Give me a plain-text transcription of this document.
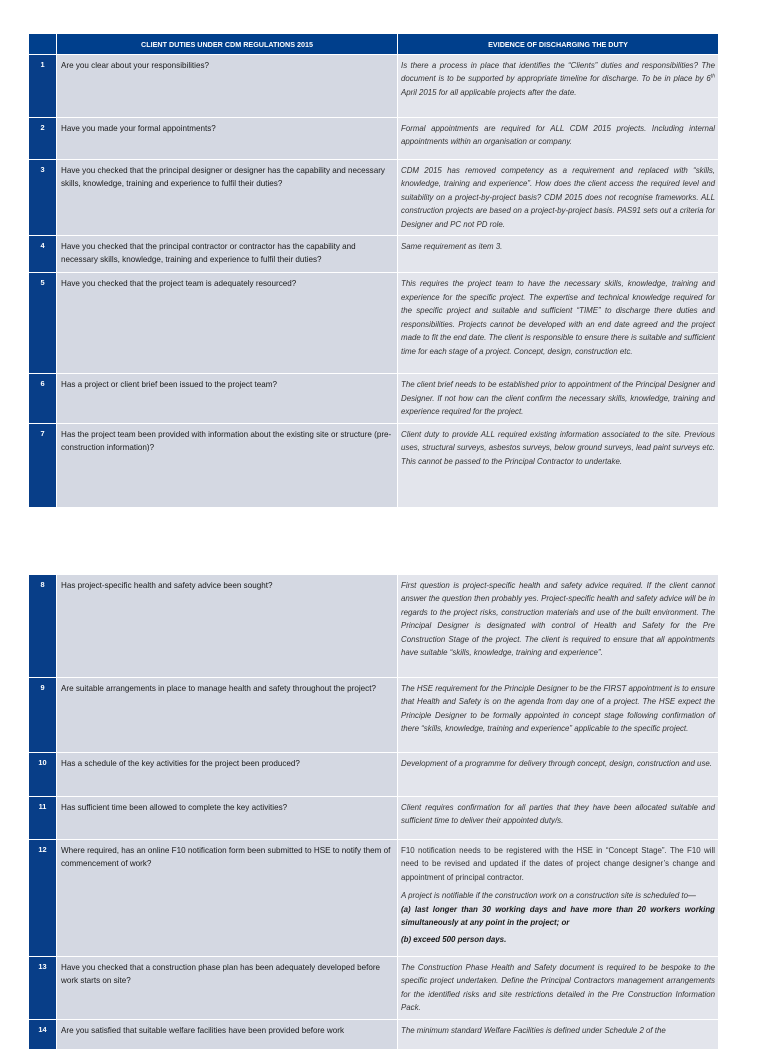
	CLIENT DUTIES UNDER CDM REGULATIONS 2015	EVIDENCE OF DISCHARGING THE DUTY
1	Are you clear about your responsibilities?	Is there a process in place that identifies the “Clients” duties and responsibilities? The document is to be supported by appropriate timeline for discharge. To be in place by 6th April 2015 for all applicable projects after the date.
2	Have you made your formal appointments?	Formal appointments are required for ALL CDM 2015 projects. Including internal appointments within an organisation or company.
3	Have you checked that the principal designer or designer has the capability and necessary skills, knowledge, training and experience to fulfil their duties?	CDM 2015 has removed competency as a requirement and replaced with “skills, knowledge, training and experience”. How does the client access the required level and suitability on a project-by-project basis? CDM 2015 does not recognise frameworks. ALL construction projects are based on a project-by-project basis. PAS91 sets out a criteria for Designer and PC not PD role.
4	Have you checked that the principal contractor or contractor has the capability and necessary skills, knowledge, training and experience to fulfil their duties?	Same requirement as item 3.
5	Have you checked that the project team is adequately resourced?	This requires the project team to have the necessary skills, knowledge, training and experience for the specific project. The expertise and technical knowledge required for the specific project and suitable and sufficient “TIME” to discharge there duties and responsibilities. Projects cannot be developed with an end date agreed and the project made to fit the end date. The client is responsible to ensure there is suitable and sufficient time for each stage of a project. Concept, design, construction etc.
6	Has a project or client brief been issued to the project team?	The client brief needs to be established prior to appointment of the Principal Designer and Designer. If not how can the client confirm the necessary skills, knowledge, training and experience required for the project.
7	Has the project team been provided with information about the existing site or structure (pre-construction information)?	Client duty to provide ALL required existing information associated to the site. Previous uses, structural surveys, asbestos surveys, below ground surveys, lead paint surveys etc. This cannot be passed to the Principal Contractor to undertake.
8	Has project-specific health and safety advice been sought?	First question is project-specific health and safety advice required. If the client cannot answer the question then probably yes. Project-specific health and safety advice will be in regards to the project risks, construction materials and use of the built environment. The Principal Designer is designated with control of Health and Safety for the Pre Construction Stage of the project. The client is required to ensure that all appointments have suitable “skills, knowledge, training and experience”.
9	Are suitable arrangements in place to manage health and safety throughout the project?	The HSE requirement for the Principle Designer to be the FIRST appointment is to ensure that Health and Safety is on the agenda from day one of a project. The HSE expect the Principle Designer to be formally appointed in concept stage following confirmation of there “skills, knowledge, training and experience” applicable to the specific project.
10	Has a schedule of the key activities for the project been produced?	Development of a programme for delivery through concept, design, construction and use.
11	Has sufficient time been allowed to complete the key activities?	Client requires confirmation for all parties that they have been allocated suitable and sufficient time to deliver their appointed duty/s.
12	Where required, has an online F10 notification form been submitted to HSE to notify them of commencement of work?	F10 notification needs to be registered with the HSE in “Concept Stage”. The F10 will need to be revised and updated if the dates of project change designer’s change and appointment of principal contractor.

A project is notifiable if the construction work on a construction site is scheduled to—

(a) last longer than 30 working days and have more than 20 workers working simultaneously at any point in the project; or

(b) exceed 500 person days.

13	Have you checked that a construction phase plan has been adequately developed before work starts on site?	The Construction Phase Health and Safety document is required to be bespoke to the specific project undertaken. Define the Principal Contractors management arrangements for the identified risks and site restrictions detailed in the Pre Construction Information Pack.
14	Are you satisfied that suitable welfare facilities have been provided before work	The minimum standard Welfare Facilities is defined under Schedule 2 of the
